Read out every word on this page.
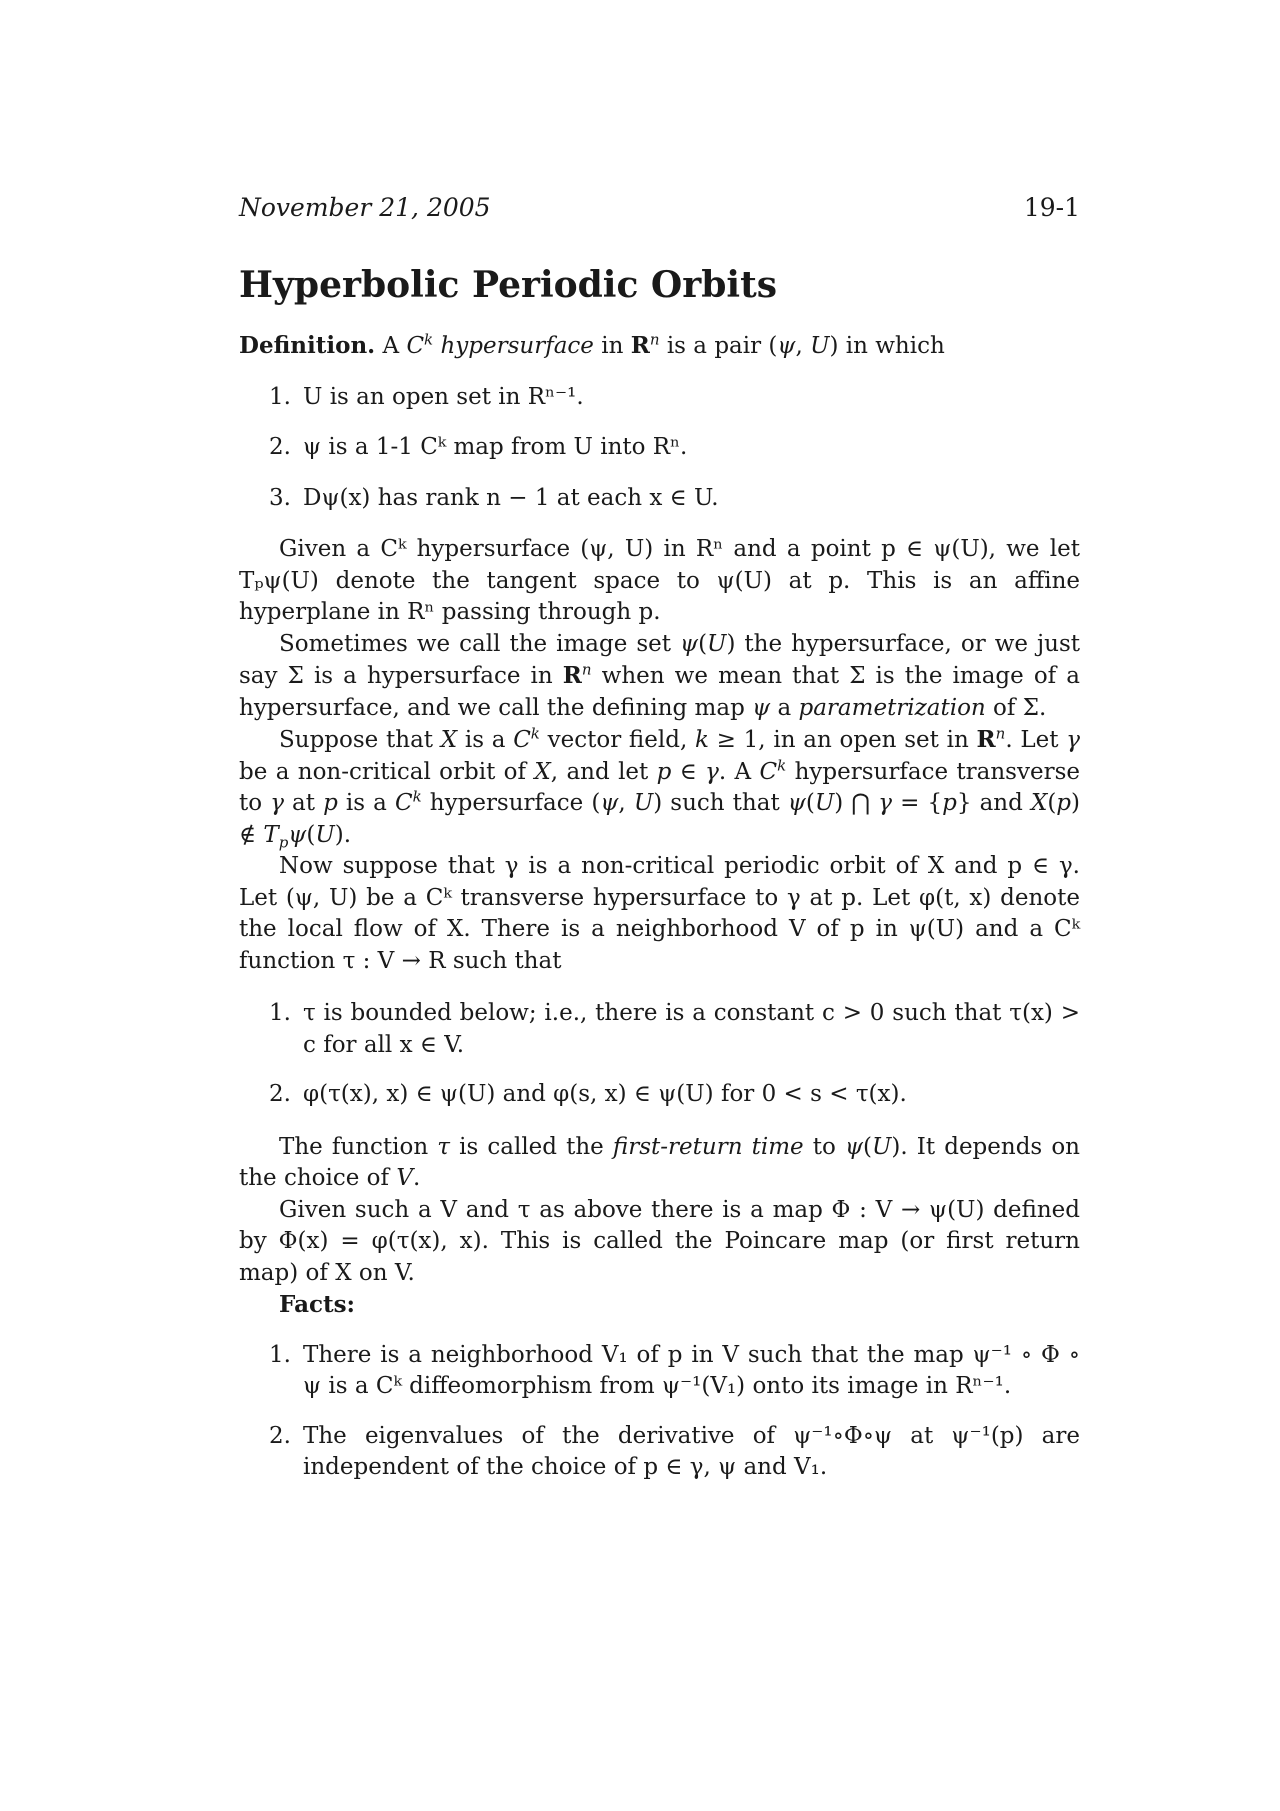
November 21, 2005	19-1
Hyperbolic Periodic Orbits

Definition. A $C^k$ hypersurface in $R^n$ is a pair (ψ, U) in which

1. U is an open set in Rⁿ⁻¹.
2. ψ is a 1-1 Cᵏ map from U into Rⁿ.
3. Dψ(x) has rank n − 1 at each x ∈ U.

Given a Cᵏ hypersurface (ψ, U) in Rⁿ and a point p ∈ ψ(U), we let Tₚψ(U) denote the tangent space to ψ(U) at p. This is an affine hyperplane in Rⁿ passing through p.

Sometimes we call the image set ψ(U) the hypersurface, or we just say Σ is a hypersurface in $R^n$ when we mean that Σ is the image of a hypersurface, and we call the defining map ψ a parametrization of Σ.

Suppose that X is a $C^k$ vector field, k ≥ 1, in an open set in $R^n$. Let γ be a non-critical orbit of X, and let p ∈ γ. A $C^k$ hypersurface transverse to γ at p is a $C^k$ hypersurface (ψ, U) such that ψ(U) ⋂ γ = {p} and X(p) ∉ $T_p\psi(U)$.

Now suppose that γ is a non-critical periodic orbit of X and p ∈ γ. Let (ψ, U) be a Cᵏ transverse hypersurface to γ at p. Let φ(t, x) denote the local flow of X. There is a neighborhood V of p in ψ(U) and a Cᵏ function τ : V → R such that

1. τ is bounded below; i.e., there is a constant c > 0 such that τ(x) > c for all x ∈ V.
2. φ(τ(x), x) ∈ ψ(U) and φ(s, x) ∈ ψ(U) for 0 < s < τ(x).

The function τ is called the first-return time to ψ(U). It depends on the choice of V.

Given such a V and τ as above there is a map Φ : V → ψ(U) defined by Φ(x) = φ(τ(x), x). This is called the Poincare map (or first return map) of X on V.

Facts:

1. There is a neighborhood V₁ of p in V such that the map ψ⁻¹ ∘ Φ ∘ ψ is a Cᵏ diffeomorphism from ψ⁻¹(V₁) onto its image in Rⁿ⁻¹.
2. The eigenvalues of the derivative of ψ⁻¹∘Φ∘ψ at ψ⁻¹(p) are independent of the choice of p ∈ γ, ψ and V₁.
